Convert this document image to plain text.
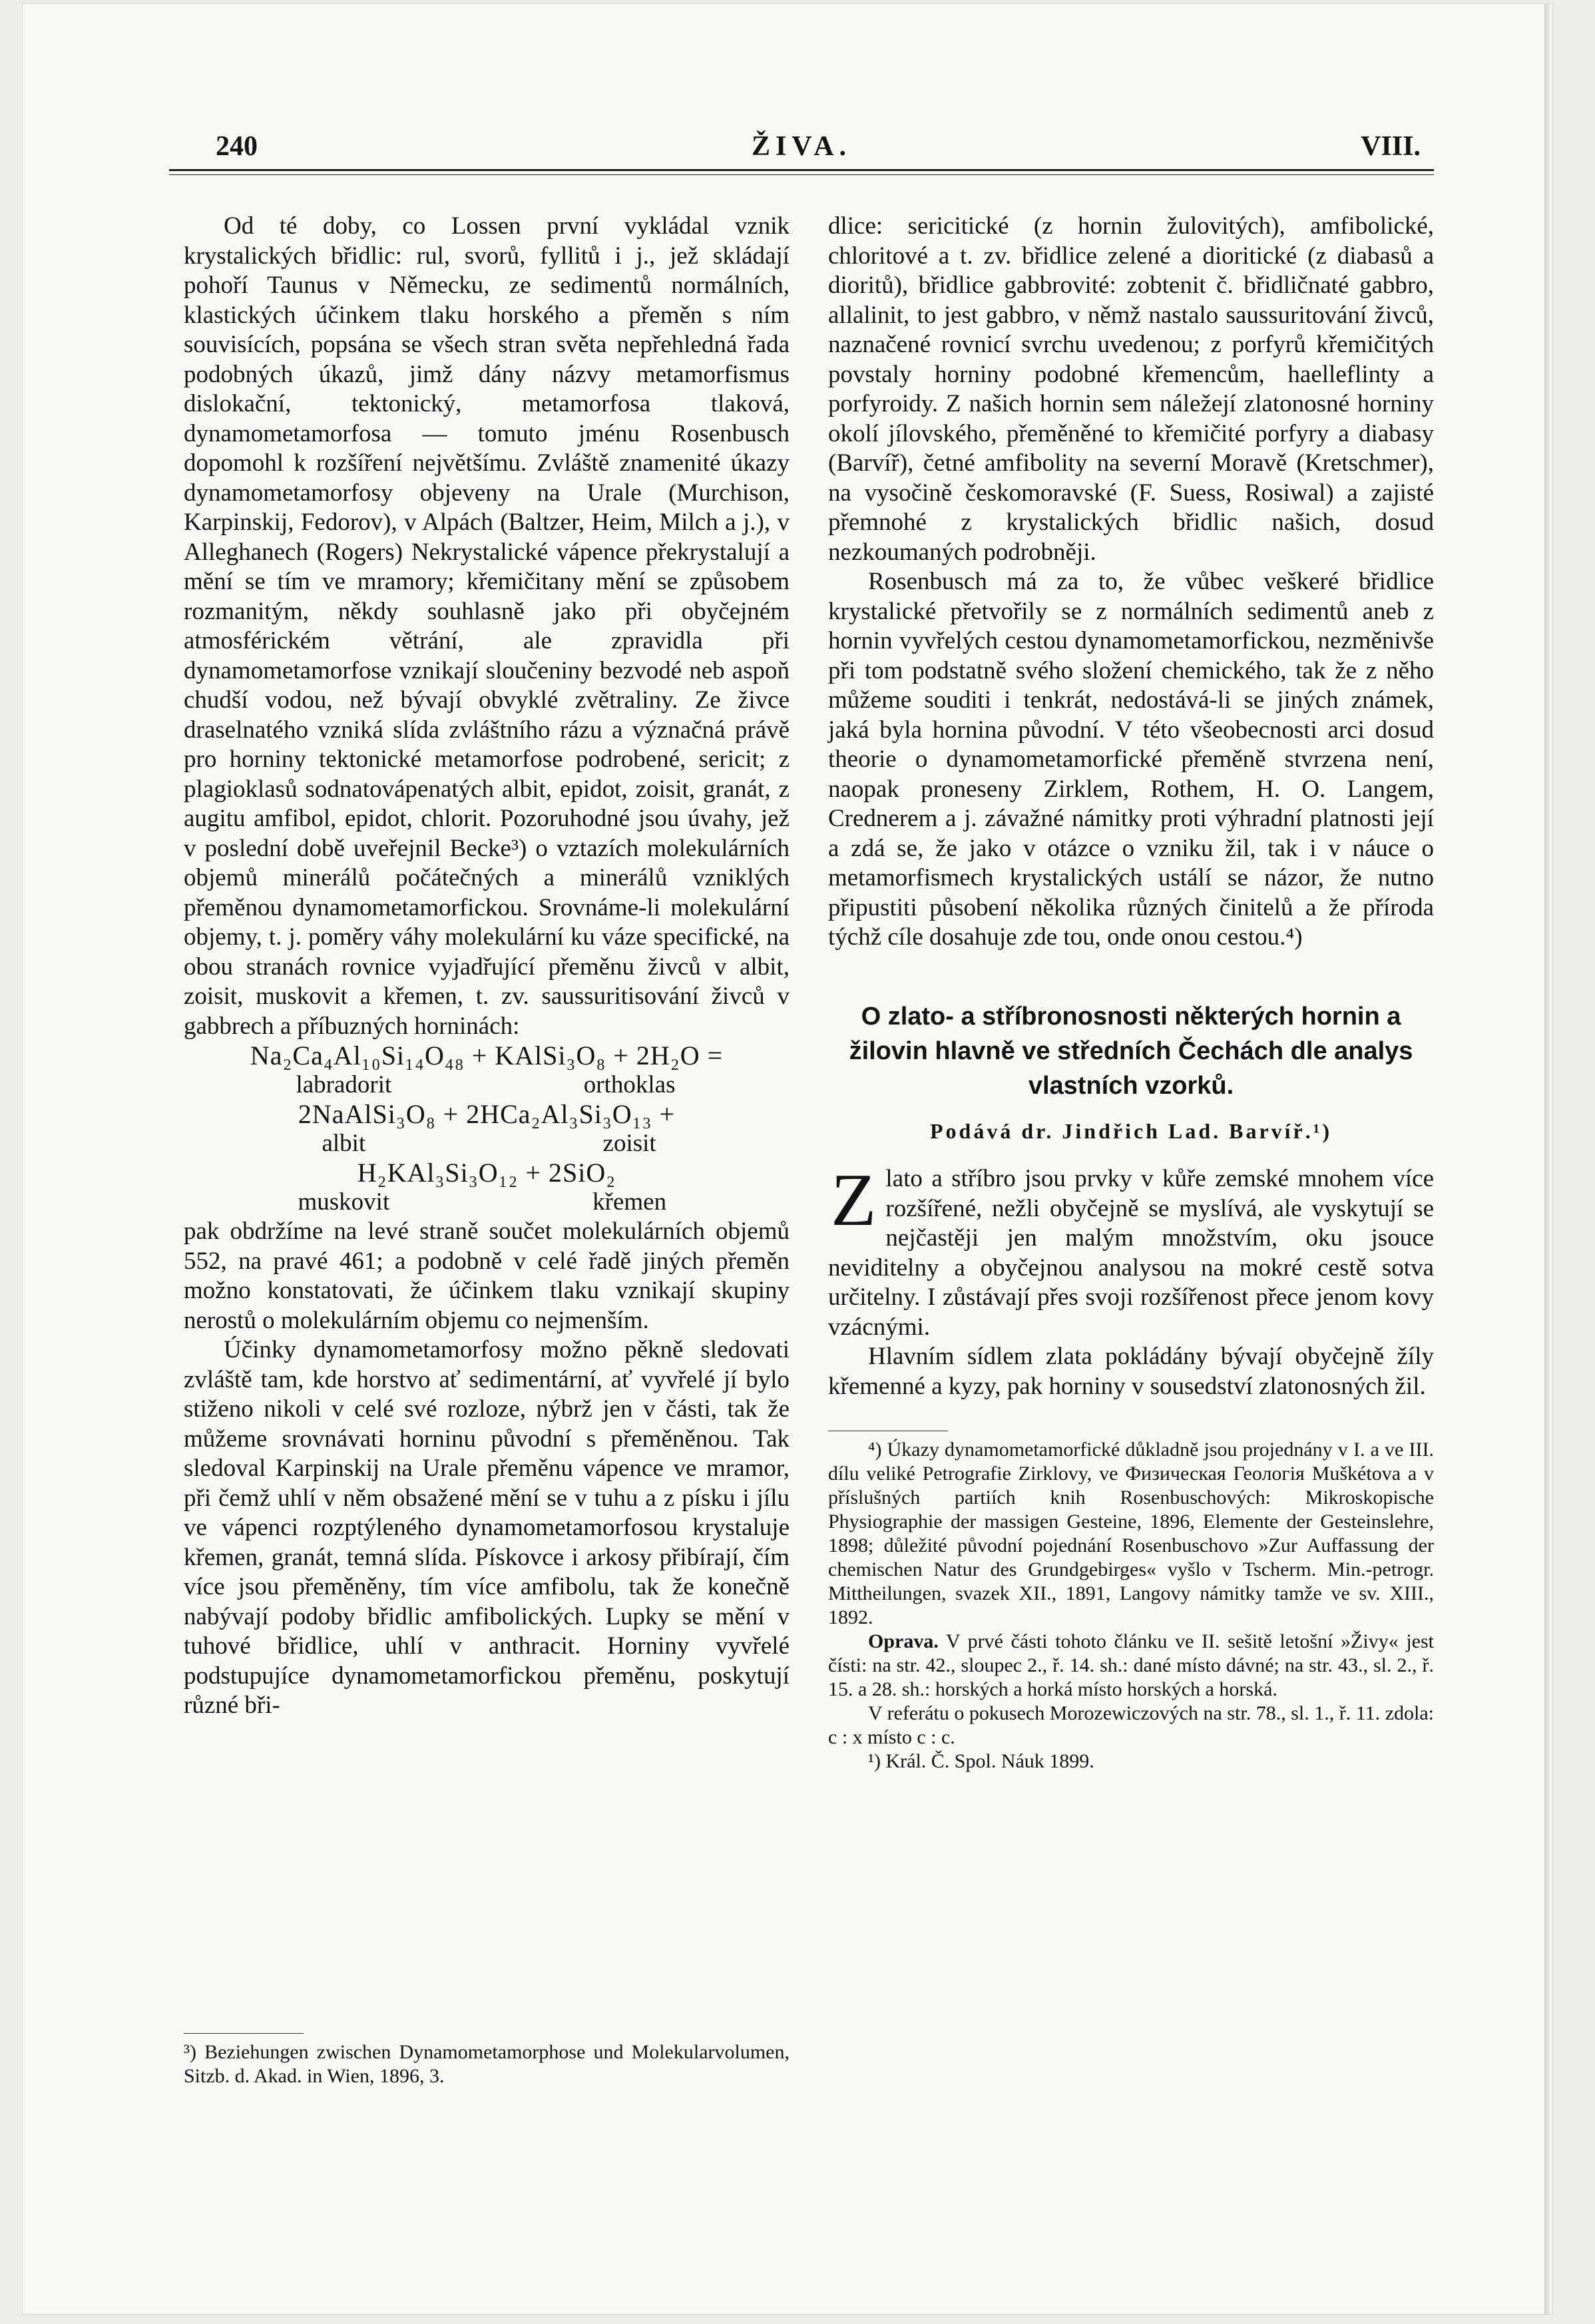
240	ŽIVA.	VIII.

Od té doby, co Lossen první vykládal vznik krystalických břidlic: rul, svorů, fyllitů i j., jež skládají pohoří Taunus v Německu, ze sedimentů normálních, klastických účinkem tlaku horského a přeměn s ním souvisících, popsána se všech stran světa nepřehledná řada podobných úkazů, jimž dány názvy metamorfismus dislokační, tektonický, metamorfosa tlaková, dynamometamorfosa — tomuto jménu Rosenbusch dopomohl k rozšíření největšímu. Zvláště znamenité úkazy dynamometamorfosy objeveny na Urale (Murchison, Karpinskij, Fedorov), v Alpách (Baltzer, Heim, Milch a j.), v Alleghanech (Rogers) Nekrystalické vápence překrystalují a mění se tím ve mramory; křemičitany mění se způsobem rozmanitým, někdy souhlasně jako při obyčejném atmosférickém větrání, ale zpravidla při dynamometamorfose vznikají sloučeniny bezvodé neb aspoň chudší vodou, než bývají obvyklé zvětraliny. Ze živce draselnatého vzniká slída zvláštního rázu a význačná právě pro horniny tektonické metamorfose podrobené, sericit; z plagioklasů sodnatovápenatých albit, epidot, zoisit, granát, z augitu amfibol, epidot, chlorit. Pozoruhodné jsou úvahy, jež v poslední době uveřejnil Becke³) o vztazích molekulárních objemů minerálů počátečných a minerálů vzniklých přeměnou dynamometamorfickou. Srovnáme-li molekulární objemy, t. j. poměry váhy molekulární ku váze specifické, na obou stranách rovnice vyjadřující přeměnu živců v albit, zoisit, muskovit a křemen, t. zv. saussuritisování živců v gabbrech a příbuzných horninách:

Na₂Ca₄Al₁₀Si₁₄O₄₈ + KAlSi₃O₈ + 2H₂O =
labradorit	orthoklas
2NaAlSi₃O₈ + 2HCa₂Al₃Si₃O₁₃ +
albit	zoisit
H₂KAl₃Si₃O₁₂ + 2SiO₂
muskovit	křemen

pak obdržíme na levé straně součet molekulárních objemů 552, na pravé 461; a podobně v celé řadě jiných přeměn možno konstatovati, že účinkem tlaku vznikají skupiny nerostů o molekulárním objemu co nejmenším.

Účinky dynamometamorfosy možno pěkně sledovati zvláště tam, kde horstvo ať sedimentární, ať vyvřelé jí bylo stiženo nikoli v celé své rozloze, nýbrž jen v části, tak že můžeme srovnávati horninu původní s přeměněnou. Tak sledoval Karpinskij na Urale přeměnu vápence ve mramor, při čemž uhlí v něm obsažené mění se v tuhu a z písku i jílu ve vápenci rozptýleného dynamometamorfosou krystaluje křemen, granát, temná slída. Pískovce i arkosy přibírají, čím více jsou přeměněny, tím více amfibolu, tak že konečně nabývají podoby břidlic amfibolických. Lupky se mění v tuhové břidlice, uhlí v anthracit. Horniny vyvřelé podstupujíce dynamometamorfickou přeměnu, poskytují různé bři-

³) Beziehungen zwischen Dynamometamorphose und Molekularvolumen, Sitzb. d. Akad. in Wien, 1896, 3.

dlice: sericitické (z hornin žulovitých), amfibolické, chloritové a t. zv. břidlice zelené a dioritické (z diabasů a dioritů), břidlice gabbrovité: zobtenit č. břidličnaté gabbro, allalinit, to jest gabbro, v němž nastalo saussuritování živců, naznačené rovnicí svrchu uvedenou; z porfyrů křemičitých povstaly horniny podobné křemencům, haelleflinty a porfyroidy. Z našich hornin sem náležejí zlatonosné horniny okolí jílovského, přeměněné to křemičité porfyry a diabasy (Barvíř), četné amfibolity na severní Moravě (Kretschmer), na vysočině českomoravské (F. Suess, Rosiwal) a zajisté přemnohé z krystalických břidlic našich, dosud nezkoumaných podrobněji.

Rosenbusch má za to, že vůbec veškeré břidlice krystalické přetvořily se z normálních sedimentů aneb z hornin vyvřelých cestou dynamometamorfickou, nezměnivše při tom podstatně svého složení chemického, tak že z něho můžeme souditi i tenkrát, nedostává-li se jiných známek, jaká byla hornina původní. V této všeobecnosti arci dosud theorie o dynamometamorfické přeměně stvrzena není, naopak proneseny Zirklem, Rothem, H. O. Langem, Crednerem a j. závažné námitky proti výhradní platnosti její a zdá se, že jako v otázce o vzniku žil, tak i v náuce o metamorfismech krystalických ustálí se názor, že nutno připustiti působení několika různých činitelů a že příroda týchž cíle dosahuje zde tou, onde onou cestou.⁴)

O zlato- a stříbronosnosti některých hornin a žilovin hlavně ve středních Čechách dle analys vlastních vzorků.
Podává dr. Jindřich Lad. Barvíř.¹)
Z lato a stříbro jsou prvky v kůře zemské mnohem více rozšířené, nežli obyčejně se myslívá, ale vyskytují se nejčastěji jen malým množstvím, oku jsouce neviditelny a obyčejnou analysou na mokré cestě sotva určitelny. I zůstávají přes svoji rozšířenost přece jenom kovy vzácnými.

Hlavním sídlem zlata pokládány bývají obyčejně žíly křemenné a kyzy, pak horniny v sousedství zlatonosných žil.

⁴) Úkazy dynamometamorfické důkladně jsou projednány v I. a ve III. dílu veliké Petrografie Zirklovy, ve Физическая Геологія Muškétova a v příslušných partiích knih Rosenbuschových: Mikroskopische Physiographie der massigen Gesteine, 1896, Elemente der Gesteinslehre, 1898; důležité původní pojednání Rosenbuschovo »Zur Auffassung der chemischen Natur des Grundgebirges« vyšlo v Tscherm. Min.-petrogr. Mittheilungen, svazek XII., 1891, Langovy námitky tamže ve sv. XIII., 1892.

Oprava. V prvé části tohoto článku ve II. sešitě letošní »Živy« jest čísti: na str. 42., sloupec 2., ř. 14. sh.: dané místo dávné; na str. 43., sl. 2., ř. 15. a 28. sh.: horských a horká místo horských a horská.

V referátu o pokusech Morozewiczových na str. 78., sl. 1., ř. 11. zdola: c : x místo c : c.

¹) Král. Č. Spol. Náuk 1899.
